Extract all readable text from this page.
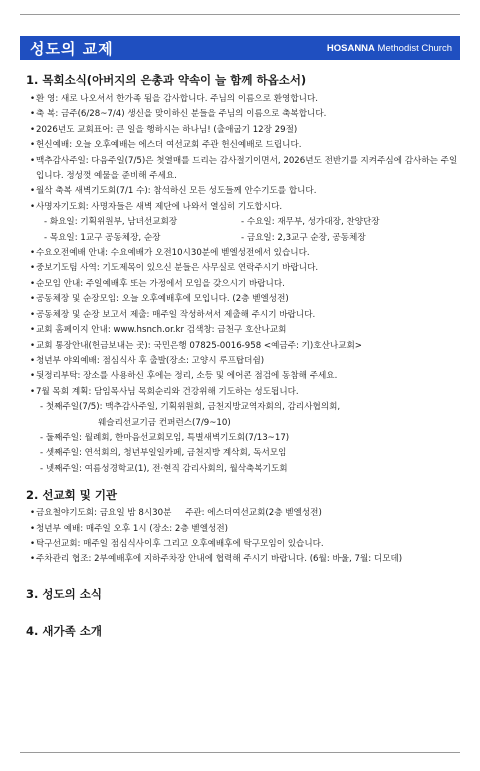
성도의 교제	HOSANNA Methodist Church
1. 목회소식(아버지의 은총과 약속이 늘 함께 하옵소서)
•환 영: 새로 나오셔서 한가족 됨을 감사합니다. 주님의 이름으로 환영합니다.
•축 복: 금주(6/28~7/4) 생신을 맞이하신 분들을 주님의 이름으로 축복합니다.
•2026년도 교회표어: 큰 일을 행하시는 하나님! (출애굽기 12장 29절)
•헌신예배: 오늘 오후예배는 에스더 여선교회 주관 헌신예배로 드립니다.
•맥추감사주일: 다음주일(7/5)은 첫열매를 드리는 감사절기이면서, 2026년도 전반기를 지켜주심에 감사하는 주일입니다. 정성껏 예물을 준비해 주세요.
•월삭 축복 새벽기도회(7/1 수): 참석하신 모든 성도들께 안수기도를 합니다.
•사명자기도회: 사명자들은 새벽 제단에 나와서 열심히 기도합시다.
- 화요일: 기획위원부, 남녀선교회장	- 수요일: 재무부, 성가대장, 찬양단장
- 목요일: 1교구 공동체장, 순장	- 금요일: 2,3교구 순장, 공동체장
•수요오전예배 안내: 수요예배가 오전10시30분에 벧엘성전에서 있습니다.
•중보기도팀 사역: 기도제목이 있으신 분들은 사무실로 연락주시기 바랍니다.
•순모임 안내: 주일예배후 또는 가정에서 모임을 갖으시기 바랍니다.
•공동체장 및 순장모임: 오늘 오후예배후에 모입니다. (2층 벧엘성전)
•공동체장 및 순장 보고서 제출: 매주일 작성하셔서 제출해 주시기 바랍니다.
•교회 홈페이지 안내: www.hsnch.or.kr 검색창: 금천구 호산나교회
•교회 통장안내(헌금보내는 곳): 국민은행 07825-0016-958 <예금주: 기)호산나교회>
•청년부 야외예배: 점심식사 후 출발(장소: 고양시 루프탑더쉼)
•뒷정리부탁: 장소를 사용하신 후에는 정리, 소등 및 에어콘 점검에 동참해 주세요.
•7월 목회 계획: 담임목사님 목회순리와 건강위해 기도하는 성도됩니다.
- 첫째주일(7/5): 맥추감사주일, 기획위원회, 금천지방교역자회의, 감리사협의회,
웨슬리선교기금 컨퍼런스(7/9~10)
- 둘째주일: 월례회, 한마음선교회모임, 특별새벽기도회(7/13~17)
- 셋째주일: 연석회의, 청년부일일카페, 금천지방 계삭회, 독서모임
- 넷째주일: 여름성경학교(1), 전·현직 감리사회의, 월삭축복기도회
2. 선교회 및 기관
•금요철야기도회: 금요일 밤 8시30분     주관: 에스더여선교회(2층 벧엘성전)
•청년부 예배: 매주일 오후 1시 (장소: 2층 벧엘성전)
•탁구선교회: 매주일 점심식사이후 그리고 오후예배후에 탁구모임이 있습니다.
•주차관리 협조: 2부예배후에 지하주차장 안내에 협력해 주시기 바랍니다. (6월: 바울, 7월: 디모데)
3. 성도의 소식
4. 새가족 소개
